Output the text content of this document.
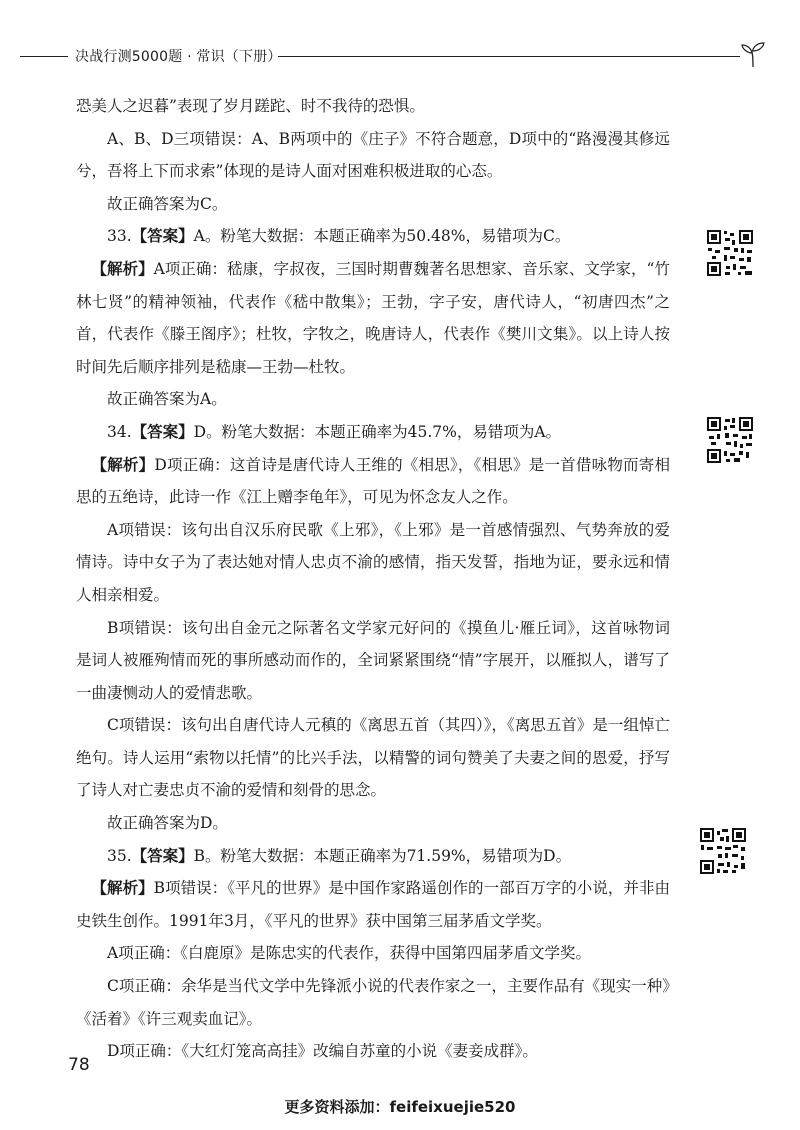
决战行测5000题 · 常识（下册）

恐美人之迟暮”表现了岁月蹉跎、时不我待的恐惧。

A、B、D三项错误：A、B两项中的《庄子》不符合题意，D项中的“路漫漫其修远兮，吾将上下而求索”体现的是诗人面对困难积极进取的心态。

故正确答案为C。

33.【答案】A。粉笔大数据：本题正确率为50.48%，易错项为C。

【解析】A项正确：嵇康，字叔夜，三国时期曹魏著名思想家、音乐家、文学家，“竹林七贤”的精神领袖，代表作《嵇中散集》；王勃，字子安，唐代诗人，“初唐四杰”之首，代表作《滕王阁序》；杜牧，字牧之，晚唐诗人，代表作《樊川文集》。以上诗人按时间先后顺序排列是嵇康—王勃—杜牧。

故正确答案为A。

34.【答案】D。粉笔大数据：本题正确率为45.7%，易错项为A。

【解析】D项正确：这首诗是唐代诗人王维的《相思》，《相思》是一首借咏物而寄相思的五绝诗，此诗一作《江上赠李龟年》，可见为怀念友人之作。

A项错误：该句出自汉乐府民歌《上邪》，《上邪》是一首感情强烈、气势奔放的爱情诗。诗中女子为了表达她对情人忠贞不渝的感情，指天发誓，指地为证，要永远和情人相亲相爱。

B项错误：该句出自金元之际著名文学家元好问的《摸鱼儿·雁丘词》，这首咏物词是词人被雁殉情而死的事所感动而作的，全词紧紧围绕“情”字展开，以雁拟人，谱写了一曲凄恻动人的爱情悲歌。

C项错误：该句出自唐代诗人元稹的《离思五首（其四）》，《离思五首》是一组悼亡绝句。诗人运用“索物以托情”的比兴手法，以精警的词句赞美了夫妻之间的恩爱，抒写了诗人对亡妻忠贞不渝的爱情和刻骨的思念。

故正确答案为D。

35.【答案】B。粉笔大数据：本题正确率为71.59%，易错项为D。

【解析】B项错误：《平凡的世界》是中国作家路遥创作的一部百万字的小说，并非由史铁生创作。1991年3月，《平凡的世界》获中国第三届茅盾文学奖。

A项正确：《白鹿原》是陈忠实的代表作，获得中国第四届茅盾文学奖。

C项正确：余华是当代文学中先锋派小说的代表作家之一，主要作品有《现实一种》《活着》《许三观卖血记》。

D项正确：《大红灯笼高高挂》改编自苏童的小说《妻妾成群》。

78
更多资料添加：feifeixuejie520
